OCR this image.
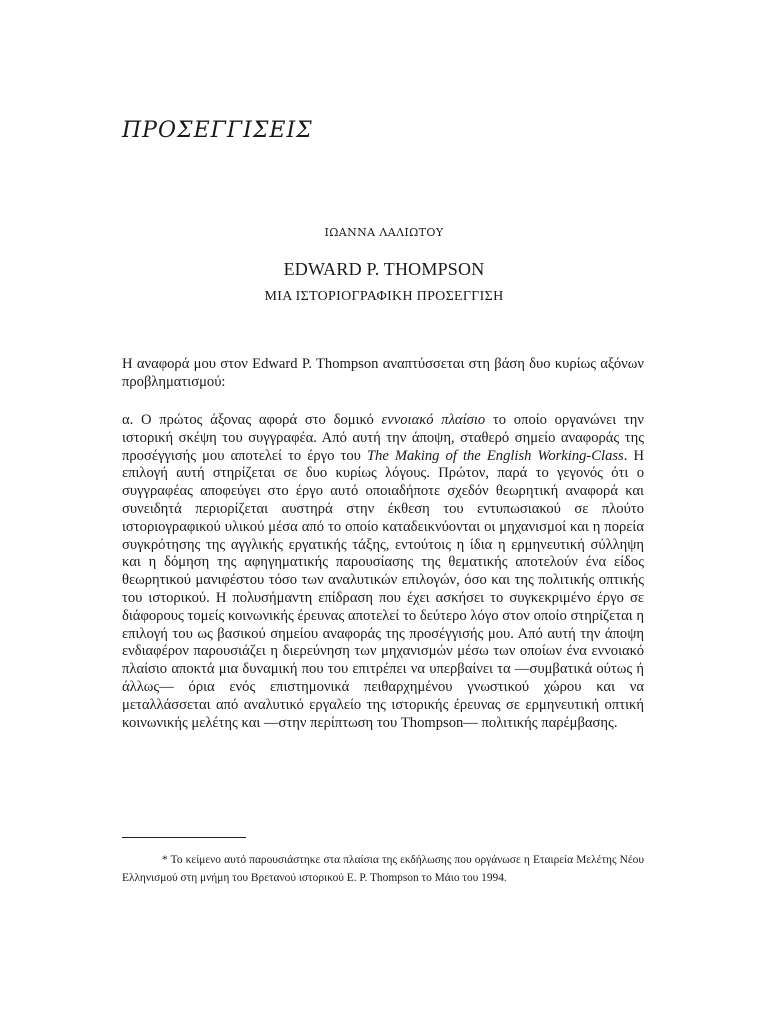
ΠΡΟΣΕΓΓΙΣΕΙΣ
ΙΩΑΝΝΑ ΛΑΛΙΩΤΟΥ
EDWARD P. THOMPSON
ΜΙΑ ΙΣΤΟΡΙΟΓΡΑΦΙΚΗ ΠΡΟΣΕΓΓΙΣΗ

Η αναφορά μου στον Edward P. Thompson αναπτύσσεται στη βάση δυο κυρίως αξόνων προβληματισμού:

α. Ο πρώτος άξονας αφορά στο δομικό εννοιακό πλαίσιο το οποίο οργανώνει την ιστορική σκέψη του συγγραφέα. Από αυτή την άποψη, σταθερό σημείο αναφοράς της προσέγγισής μου αποτελεί το έργο του The Making of the English Working-Class. Η επιλογή αυτή στηρίζεται σε δυο κυρίως λόγους. Πρώτον, παρά το γεγονός ότι ο συγγραφέας αποφεύγει στο έργο αυτό οποιαδήποτε σχεδόν θεωρητική αναφορά και συνειδητά περιορίζεται αυστηρά στην έκθεση του εντυπωσιακού σε πλούτο ιστοριογραφικού υλικού μέσα από το οποίο καταδεικνύονται οι μηχανισμοί και η πορεία συγκρότησης της αγγλικής εργατικής τάξης, εντούτοις η ίδια η ερμηνευτική σύλληψη και η δόμηση της αφηγηματικής παρουσίασης της θεματικής αποτελούν ένα είδος θεωρητικού μανιφέστου τόσο των αναλυτικών επιλογών, όσο και της πολιτικής οπτικής του ιστορικού. Η πολυσήμαντη επίδραση που έχει ασκήσει το συγκεκριμένο έργο σε διάφορους τομείς κοινωνικής έρευνας αποτελεί το δεύτερο λόγο στον οποίο στηρίζεται η επιλογή του ως βασικού σημείου αναφοράς της προσέγγισής μου. Από αυτή την άποψη ενδιαφέρον παρουσιάζει η διερεύνηση των μηχανισμών μέσω των οποίων ένα εννοιακό πλαίσιο αποκτά μια δυναμική που του επιτρέπει να υπερβαίνει τα —συμβατικά ούτως ή άλλως— όρια ενός επιστημονικά πειθαρχημένου γνωστικού χώρου και να μεταλλάσσεται από αναλυτικό εργαλείο της ιστορικής έρευνας σε ερμηνευτική οπτική κοινωνικής μελέτης και —στην περίπτωση του Thompson— πολιτικής παρέμβασης.

* Το κείμενο αυτό παρουσιάστηκε στα πλαίσια της εκδήλωσης που οργάνωσε η Εταιρεία Μελέτης Νέου Ελληνισμού στη μνήμη του Βρετανού ιστορικού E. P. Thompson το Μάιο του 1994.
